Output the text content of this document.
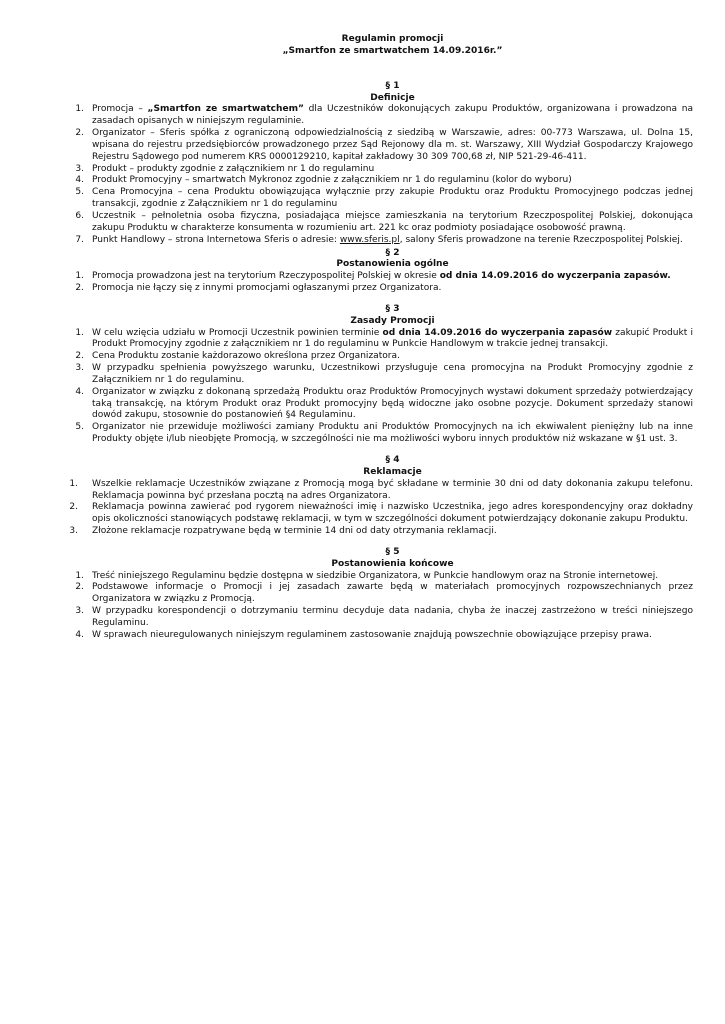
Regulamin promocji
„Smartfon ze smartwatchem 14.09.2016r.”
§ 1
Definicje
1. Promocja – „Smartfon ze smartwatchem” dla Uczestników dokonujących zakupu Produktów, organizowana i prowadzona na zasadach opisanych w niniejszym regulaminie.
2. Organizator – Sferis spółka z ograniczoną odpowiedzialnością z siedzibą w Warszawie, adres: 00-773 Warszawa, ul. Dolna 15, wpisana do rejestru przedsiębiorców prowadzonego przez Sąd Rejonowy dla m. st. Warszawy, XIII Wydział Gospodarczy Krajowego Rejestru Sądowego pod numerem KRS 0000129210, kapitał zakładowy 30 309 700,68 zł, NIP 521-29-46-411.
3. Produkt – produkty zgodnie z załącznikiem nr 1 do regulaminu
4. Produkt Promocyjny – smartwatch Mykronoz zgodnie z załącznikiem nr 1 do regulaminu (kolor do wyboru)
5. Cena Promocyjna – cena Produktu obowiązująca wyłącznie przy zakupie Produktu oraz Produktu Promocyjnego podczas jednej transakcji, zgodnie z Załącznikiem nr 1 do regulaminu
6. Uczestnik – pełnoletnia osoba fizyczna, posiadająca miejsce zamieszkania na terytorium Rzeczpospolitej Polskiej, dokonująca zakupu Produktu w charakterze konsumenta w rozumieniu art. 221 kc oraz podmioty posiadające osobowość prawną.
7. Punkt Handlowy – strona Internetowa Sferis o adresie: www.sferis.pl, salony Sferis prowadzone na terenie Rzeczpospolitej Polskiej.
§ 2
Postanowienia ogólne
1. Promocja prowadzona jest na terytorium Rzeczypospolitej Polskiej w okresie od dnia 14.09.2016 do wyczerpania zapasów.
2. Promocja nie łączy się z innymi promocjami ogłaszanymi przez Organizatora.
§ 3
Zasady Promocji
1. W celu wzięcia udziału w Promocji Uczestnik powinien terminie od dnia 14.09.2016 do wyczerpania zapasów zakupić Produkt i Produkt Promocyjny zgodnie z załącznikiem nr 1 do regulaminu w Punkcie Handlowym w trakcie jednej transakcji.
2. Cena Produktu zostanie każdorazowo określona przez Organizatora.
3. W przypadku spełnienia powyższego warunku, Uczestnikowi przysługuje cena promocyjna na Produkt Promocyjny zgodnie z Załącznikiem nr 1 do regulaminu.
4. Organizator w związku z dokonaną sprzedażą Produktu oraz Produktów Promocyjnych wystawi dokument sprzedaży potwierdzający taką transakcję, na którym Produkt oraz Produkt promocyjny będą widoczne jako osobne pozycje. Dokument sprzedaży stanowi dowód zakupu, stosownie do postanowień §4 Regulaminu.
5. Organizator nie przewiduje możliwości zamiany Produktu ani Produktów Promocyjnych na ich ekwiwalent pieniężny lub na inne Produkty objęte i/lub nieobjęte Promocją, w szczególności nie ma możliwości wyboru innych produktów niż wskazane w §1 ust. 3.
§ 4
Reklamacje
1. Wszelkie reklamacje Uczestników związane z Promocją mogą być składane w terminie 30 dni od daty dokonania zakupu telefonu. Reklamacja powinna być przesłana pocztą na adres Organizatora.
2. Reklamacja powinna zawierać pod rygorem nieważności imię i nazwisko Uczestnika, jego adres korespondencyjny oraz dokładny opis okoliczności stanowiących podstawę reklamacji, w tym w szczególności dokument potwierdzający dokonanie zakupu Produktu.
3. Złożone reklamacje rozpatrywane będą w terminie 14 dni od daty otrzymania reklamacji.
§ 5
Postanowienia końcowe
1. Treść niniejszego Regulaminu będzie dostępna w siedzibie Organizatora, w Punkcie handlowym oraz na Stronie internetowej.
2. Podstawowe informacje o Promocji i jej zasadach zawarte będą w materiałach promocyjnych rozpowszechnianych przez Organizatora w związku z Promocją.
3. W przypadku korespondencji o dotrzymaniu terminu decyduje data nadania, chyba że inaczej zastrzeżono w treści niniejszego Regulaminu.
4. W sprawach nieuregulowanych niniejszym regulaminem zastosowanie znajdują powszechnie obowiązujące przepisy prawa.
